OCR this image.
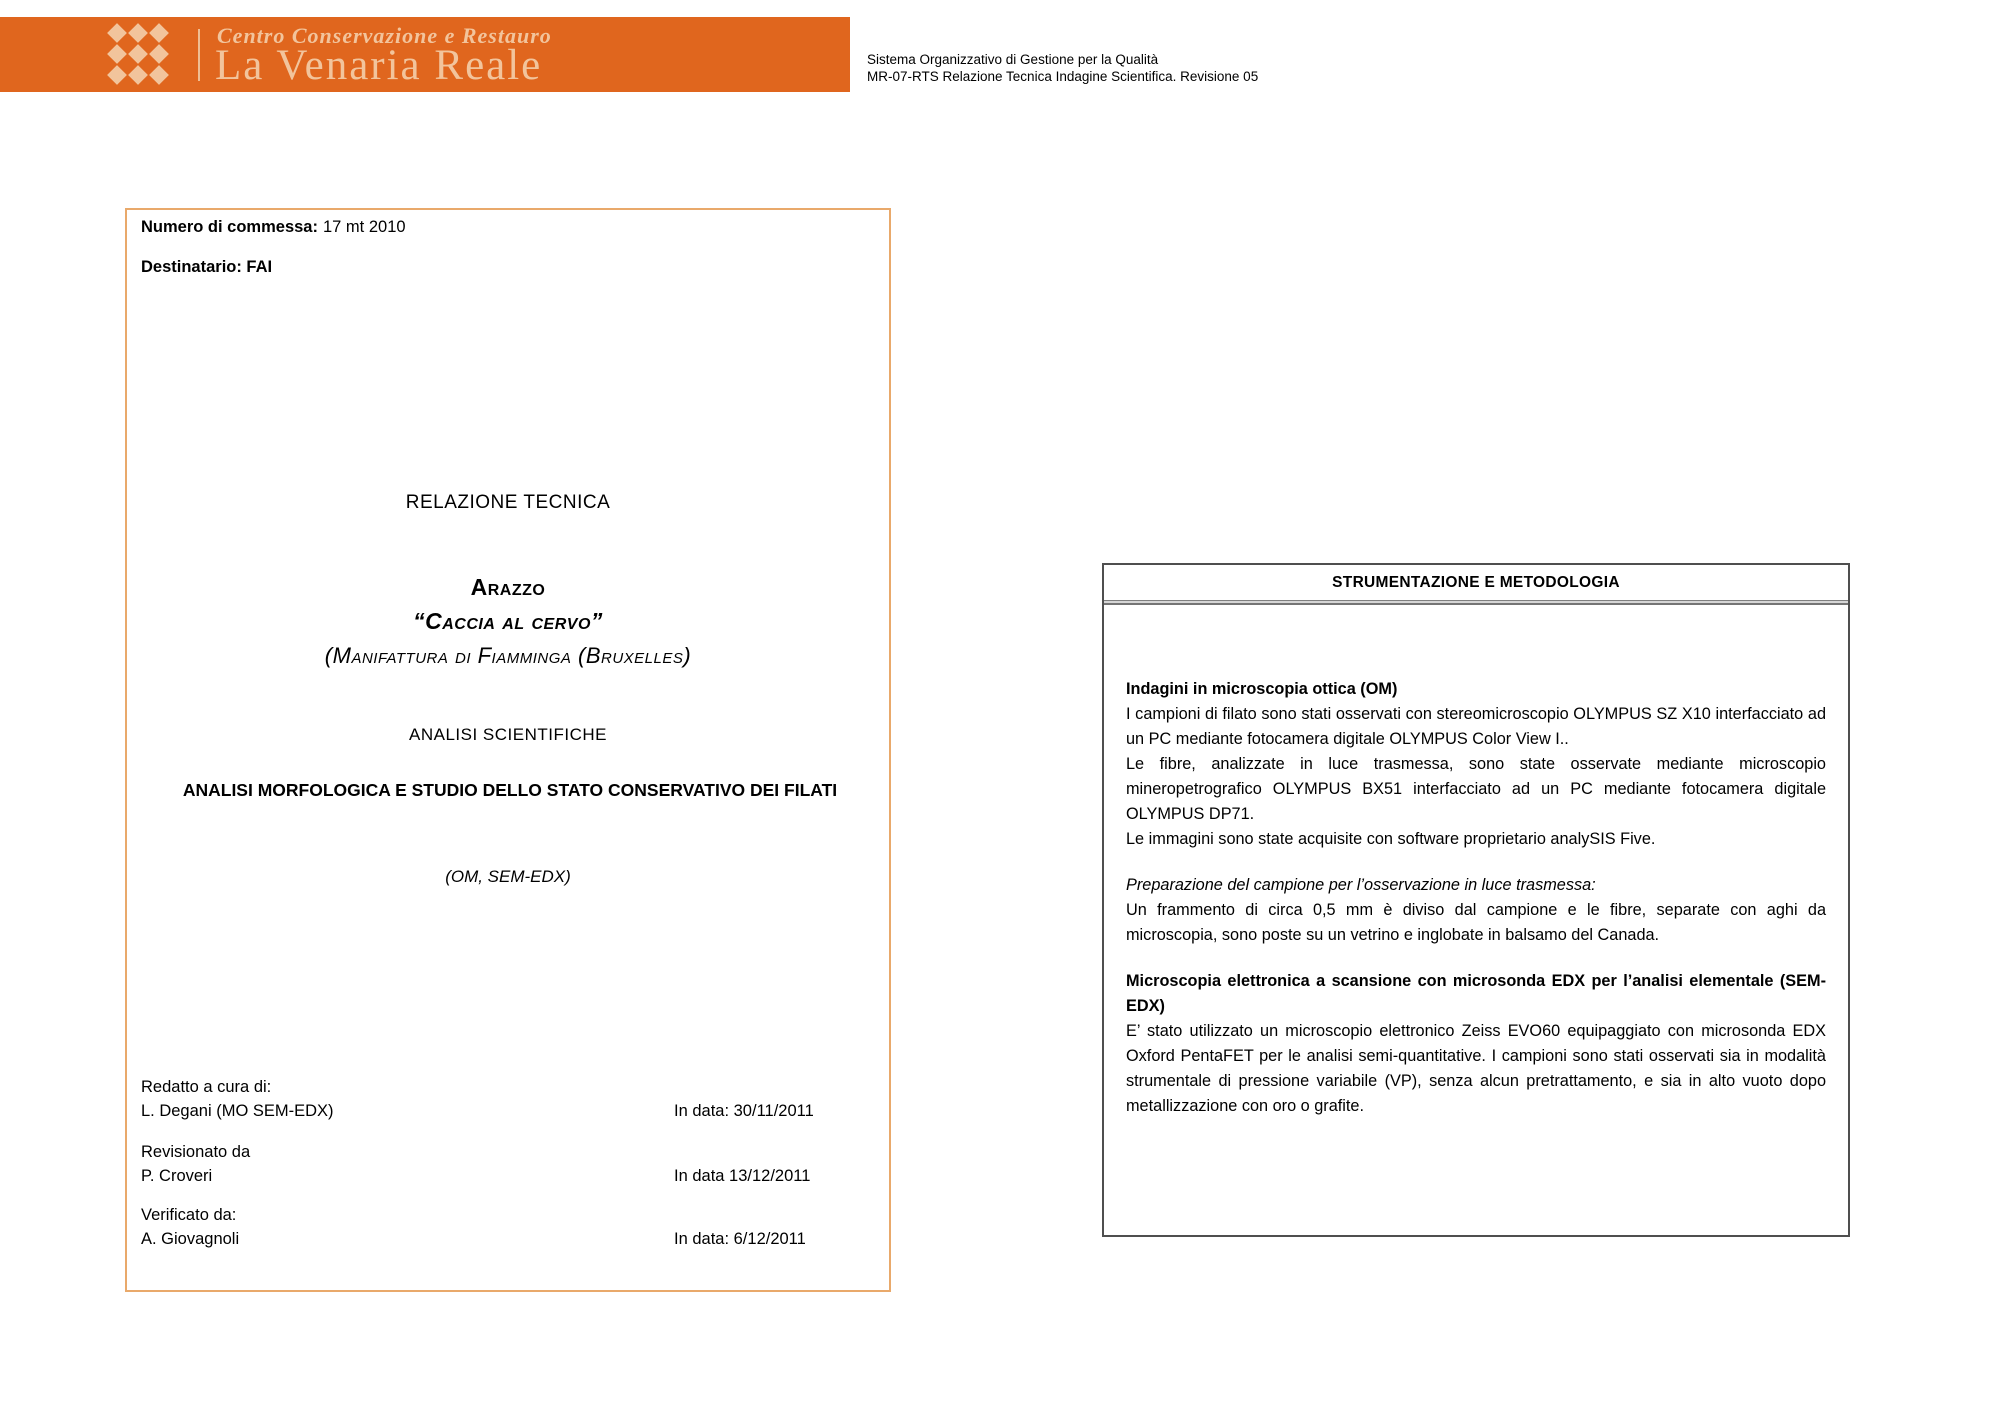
Centro Conservazione e Restauro
La Venaria Reale	Sistema Organizzativo di Gestione per la Qualità
MR-07-RTS Relazione Tecnica Indagine Scientifica. Revisione 05
Numero di commessa: 17 mt 2010
Destinatario: FAI
RELAZIONE TECNICA
Arazzo
“Caccia al cervo”
(Manifattura di Fiamminga (Bruxelles)
ANALISI SCIENTIFICHE
ANALISI MORFOLOGICA E STUDIO DELLO STATO CONSERVATIVO DEI FILATI
(OM, SEM-EDX)
Redatto a cura di:
L. Degani (MO SEM-EDX)	In data: 30/11/2011
Revisionato da
P. Croveri	In data 13/12/2011
Verificato da:
A. Giovagnoli	In data: 6/12/2011
STRUMENTAZIONE E METODOLOGIA

Indagini in microscopia ottica (OM)

I campioni di filato sono stati osservati con stereomicroscopio OLYMPUS SZ X10 interfacciato ad un PC mediante fotocamera digitale OLYMPUS Color View I..

Le fibre, analizzate in luce trasmessa, sono state osservate mediante microscopio mineropetrografico OLYMPUS BX51 interfacciato ad un PC mediante fotocamera digitale OLYMPUS DP71.

Le immagini sono state acquisite con software proprietario analySIS Five.

Preparazione del campione per l’osservazione in luce trasmessa:

Un frammento di circa 0,5 mm è diviso dal campione e le fibre, separate con aghi da microscopia, sono poste su un vetrino e inglobate in balsamo del Canada.

Microscopia elettronica a scansione con microsonda EDX per l’analisi elementale (SEM-EDX)

E’ stato utilizzato un microscopio elettronico Zeiss EVO60 equipaggiato con microsonda EDX Oxford PentaFET per le analisi semi-quantitative. I campioni sono stati osservati sia in modalità strumentale di pressione variabile (VP), senza alcun pretrattamento, e sia in alto vuoto dopo metallizzazione con oro o grafite.
